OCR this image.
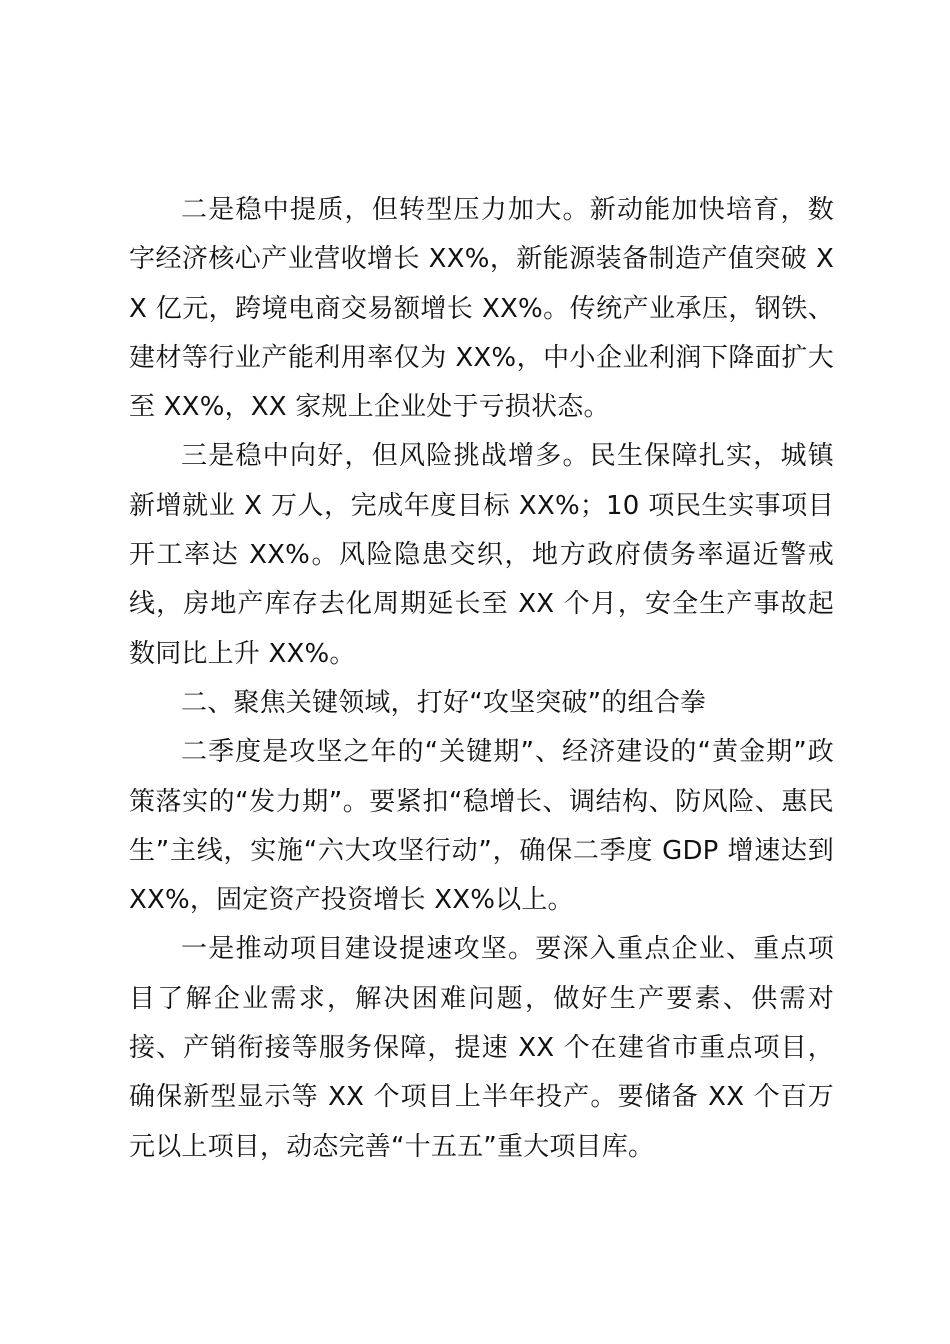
二是稳中提质，但转型压力加大。新动能加快培育，数字经济核心产业营收增长 XX%，新能源装备制造产值突破 XX 亿元，跨境电商交易额增长 XX%。传统产业承压，钢铁、建材等行业产能利用率仅为 XX%，中小企业利润下降面扩大至 XX%，XX 家规上企业处于亏损状态。

三是稳中向好，但风险挑战增多。民生保障扎实，城镇新增就业 X 万人，完成年度目标 XX%；10 项民生实事项目开工率达 XX%。风险隐患交织，地方政府债务率逼近警戒线，房地产库存去化周期延长至 XX 个月，安全生产事故起数同比上升 XX%。

二、聚焦关键领域，打好“攻坚突破”的组合拳

二季度是攻坚之年的“关键期”、经济建设的“黄金期”政策落实的“发力期”。要紧扣“稳增长、调结构、防风险、惠民生”主线，实施“六大攻坚行动”，确保二季度 GDP 增速达到 XX%，固定资产投资增长 XX%以上。

一是推动项目建设提速攻坚。要深入重点企业、重点项目了解企业需求，解决困难问题，做好生产要素、供需对接、产销衔接等服务保障，提速 XX 个在建省市重点项目，确保新型显示等 XX 个项目上半年投产。要储备 XX 个百万元以上项目，动态完善“十五五”重大项目库。
